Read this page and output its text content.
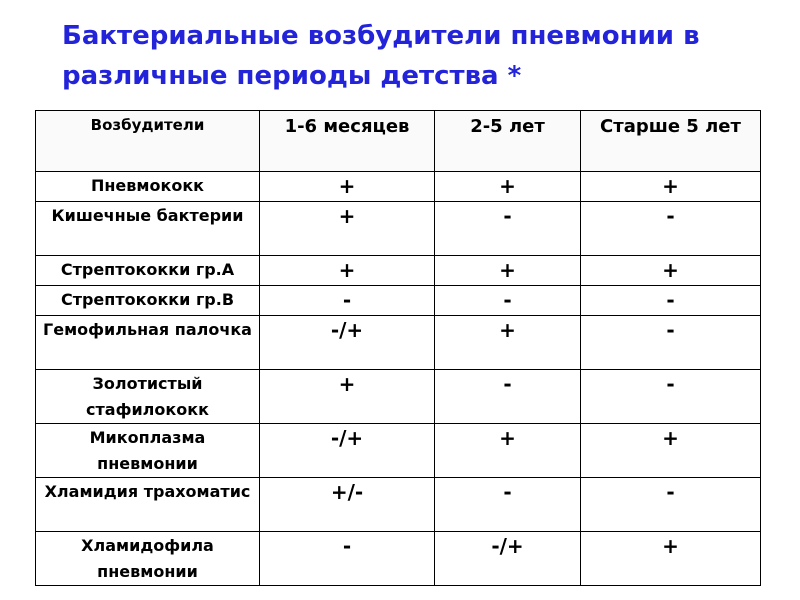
Бактериальные возбудители пневмонии в различные периоды детства *
Возбудители	1-6 месяцев	2-5 лет	Старше 5 лет
Пневмококк	+	+	+
Кишечные бактерии	+	-	-
Стрептококки гр.А	+	+	+
Стрептококки гр.В	-	-	-
Гемофильная палочка	-/+	+	-
Золотистый стафилококк	+	-	-
Микоплазма пневмонии	-/+	+	+
Хламидия трахоматис	+/-	-	-
Хламидофила пневмонии	-	-/+	+
